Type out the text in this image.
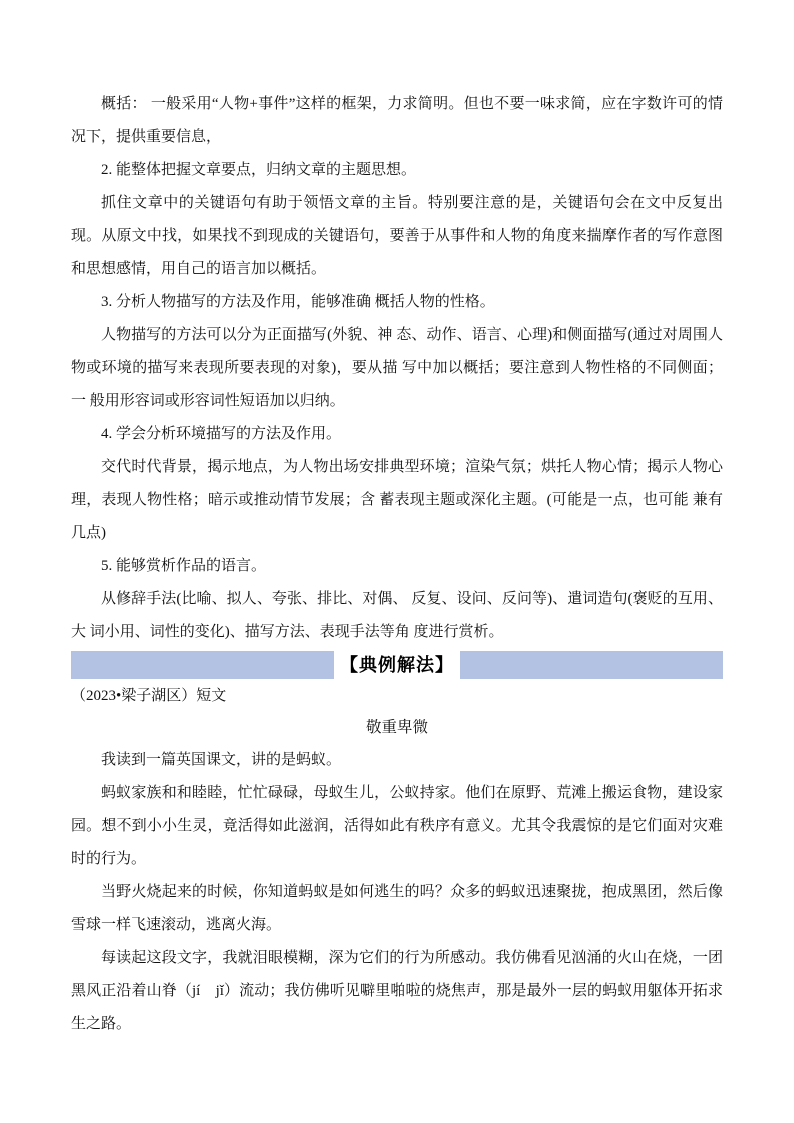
概括： 一般采用“人物+事件”这样的框架，力求简明。但也不要一味求简，应在字数许可的情况下，提供重要信息，

2. 能整体把握文章要点，归纳文章的主题思想。

抓住文章中的关键语句有助于领悟文章的主旨。特别要注意的是，关键语句会在文中反复出现。从原文中找，如果找不到现成的关键语句，要善于从事件和人物的角度来揣摩作者的写作意图和思想感情，用自己的语言加以概括。

3. 分析人物描写的方法及作用，能够准确 概括人物的性格。

人物描写的方法可以分为正面描写(外貌、神 态、动作、语言、心理)和侧面描写(通过对周围人 物或环境的描写来表现所要表现的对象)，要从描 写中加以概括；要注意到人物性格的不同侧面； 一 般用形容词或形容词性短语加以归纳。

4. 学会分析环境描写的方法及作用。

交代时代背景，揭示地点，为人物出场安排典型环境；渲染气氛；烘托人物心情；揭示人物心理，表现人物性格；暗示或推动情节发展；含 蓄表现主题或深化主题。(可能是一点，也可能 兼有几点)

5. 能够赏析作品的语言。

从修辞手法(比喻、拟人、夸张、排比、对偶、 反复、设问、反问等)、遣词造句(褒贬的互用、大 词小用、词性的变化)、描写方法、表现手法等角 度进行赏析。

【典例解法】

（2023•梁子湖区）短文

敬重卑微

我读到一篇英国课文，讲的是蚂蚁。

蚂蚁家族和和睦睦，忙忙碌碌，母蚁生儿，公蚁持家。他们在原野、荒滩上搬运食物，建设家园。想不到小小生灵，竟活得如此滋润，活得如此有秩序有意义。尤其令我震惊的是它们面对灾难时的行为。

当野火烧起来的时候，你知道蚂蚁是如何逃生的吗？众多的蚂蚁迅速聚拢，抱成黑团，然后像雪球一样飞速滚动，逃离火海。

每读起这段文字，我就泪眼模糊，深为它们的行为所感动。我仿佛看见汹涌的火山在烧，一团黑风正沿着山脊（jí　jǐ）流动；我仿佛听见噼里啪啦的烧焦声，那是最外一层的蚂蚁用躯体开拓求生之路。
